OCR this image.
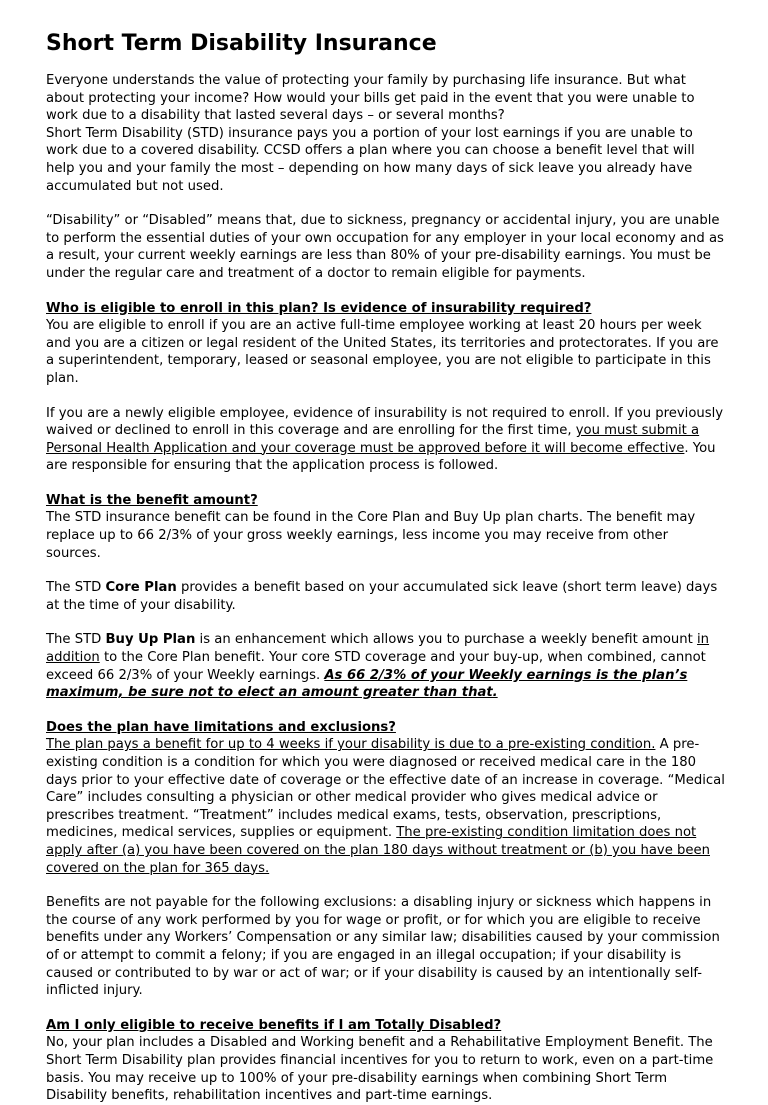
Short Term Disability Insurance

Everyone understands the value of protecting your family by purchasing life insurance. But what about protecting your income? How would your bills get paid in the event that you were unable to work due to a disability that lasted several days – or several months?

Short Term Disability (STD) insurance pays you a portion of your lost earnings if you are unable to work due to a covered disability. CCSD offers a plan where you can choose a benefit level that will help you and your family the most – depending on how many days of sick leave you already have accumulated but not used.

“Disability” or “Disabled” means that, due to sickness, pregnancy or accidental injury, you are unable to perform the essential duties of your own occupation for any employer in your local economy and as a result, your current weekly earnings are less than 80% of your pre-disability earnings. You must be under the regular care and treatment of a doctor to remain eligible for payments.

Who is eligible to enroll in this plan? Is evidence of insurability required?

You are eligible to enroll if you are an active full-time employee working at least 20 hours per week and you are a citizen or legal resident of the United States, its territories and protectorates. If you are a superintendent, temporary, leased or seasonal employee, you are not eligible to participate in this plan.

If you are a newly eligible employee, evidence of insurability is not required to enroll. If you previously waived or declined to enroll in this coverage and are enrolling for the first time, you must submit a Personal Health Application and your coverage must be approved before it will become effective. You are responsible for ensuring that the application process is followed.

What is the benefit amount?

The STD insurance benefit can be found in the Core Plan and Buy Up plan charts. The benefit may replace up to 66 2/3% of your gross weekly earnings, less income you may receive from other sources.

The STD Core Plan provides a benefit based on your accumulated sick leave (short term leave) days at the time of your disability.

The STD Buy Up Plan is an enhancement which allows you to purchase a weekly benefit amount in addition to the Core Plan benefit. Your core STD coverage and your buy-up, when combined, cannot exceed 66 2/3% of your Weekly earnings. As 66 2/3% of your Weekly earnings is the plan’s maximum, be sure not to elect an amount greater than that.

Does the plan have limitations and exclusions?

The plan pays a benefit for up to 4 weeks if your disability is due to a pre-existing condition. A pre-existing condition is a condition for which you were diagnosed or received medical care in the 180 days prior to your effective date of coverage or the effective date of an increase in coverage. “Medical Care” includes consulting a physician or other medical provider who gives medical advice or prescribes treatment. “Treatment” includes medical exams, tests, observation, prescriptions, medicines, medical services, supplies or equipment. The pre-existing condition limitation does not apply after (a) you have been covered on the plan 180 days without treatment or (b) you have been covered on the plan for 365 days.

Benefits are not payable for the following exclusions: a disabling injury or sickness which happens in the course of any work performed by you for wage or profit, or for which you are eligible to receive benefits under any Workers’ Compensation or any similar law; disabilities caused by your commission of or attempt to commit a felony; if you are engaged in an illegal occupation; if your disability is caused or contributed to by war or act of war; or if your disability is caused by an intentionally self-inflicted injury.

Am I only eligible to receive benefits if I am Totally Disabled?

No, your plan includes a Disabled and Working benefit and a Rehabilitative Employment Benefit. The Short Term Disability plan provides financial incentives for you to return to work, even on a part-time basis. You may receive up to 100% of your pre-disability earnings when combining Short Term Disability benefits, rehabilitation incentives and part-time earnings.
